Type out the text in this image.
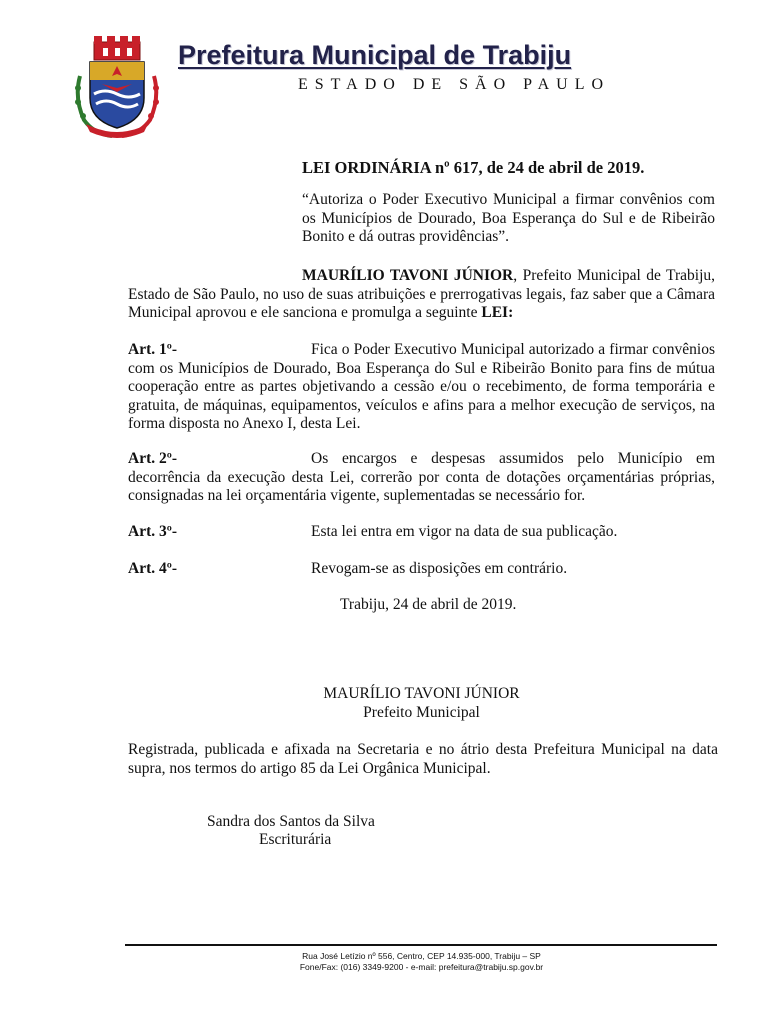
Prefeitura Municipal de Trabiju
ESTADO DE SÃO PAULO
LEI ORDINÁRIA nº 617, de 24 de abril de 2019.
“Autoriza o Poder Executivo Municipal a firmar convênios com os Municípios de Dourado, Boa Esperança do Sul e de Ribeirão Bonito e dá outras providências”.
MAURÍLIO TAVONI JÚNIOR, Prefeito Municipal de Trabiju, Estado de São Paulo, no uso de suas atribuições e prerrogativas legais, faz saber que a Câmara Municipal aprovou e ele sanciona e promulga a seguinte LEI:
Art. 1º-	Fica o Poder Executivo Municipal autorizado a firmar convênios com os Municípios de Dourado, Boa Esperança do Sul e Ribeirão Bonito para fins de mútua cooperação entre as partes objetivando a cessão e/ou o recebimento, de forma temporária e gratuita, de máquinas, equipamentos, veículos e afins para a melhor execução de serviços, na forma disposta no Anexo I, desta Lei.
Art. 2º-	Os encargos e despesas assumidos pelo Município em decorrência da execução desta Lei, correrão por conta de dotações orçamentárias próprias, consignadas na lei orçamentária vigente, suplementadas se necessário for.
Art. 3º-	Esta lei entra em vigor na data de sua publicação.
Art. 4º-	Revogam-se as disposições em contrário.
Trabiju, 24 de abril de 2019.
MAURÍLIO TAVONI JÚNIOR
Prefeito Municipal
Registrada, publicada e afixada na Secretaria e no átrio desta Prefeitura Municipal na data supra, nos termos do artigo 85 da Lei Orgânica Municipal.
Sandra dos Santos da Silva
Escriturária
Rua José Letízio nº 556, Centro, CEP 14.935-000, Trabiju – SP
Fone/Fax: (016) 3349-9200 - e-mail: prefeitura@trabiju.sp.gov.br
